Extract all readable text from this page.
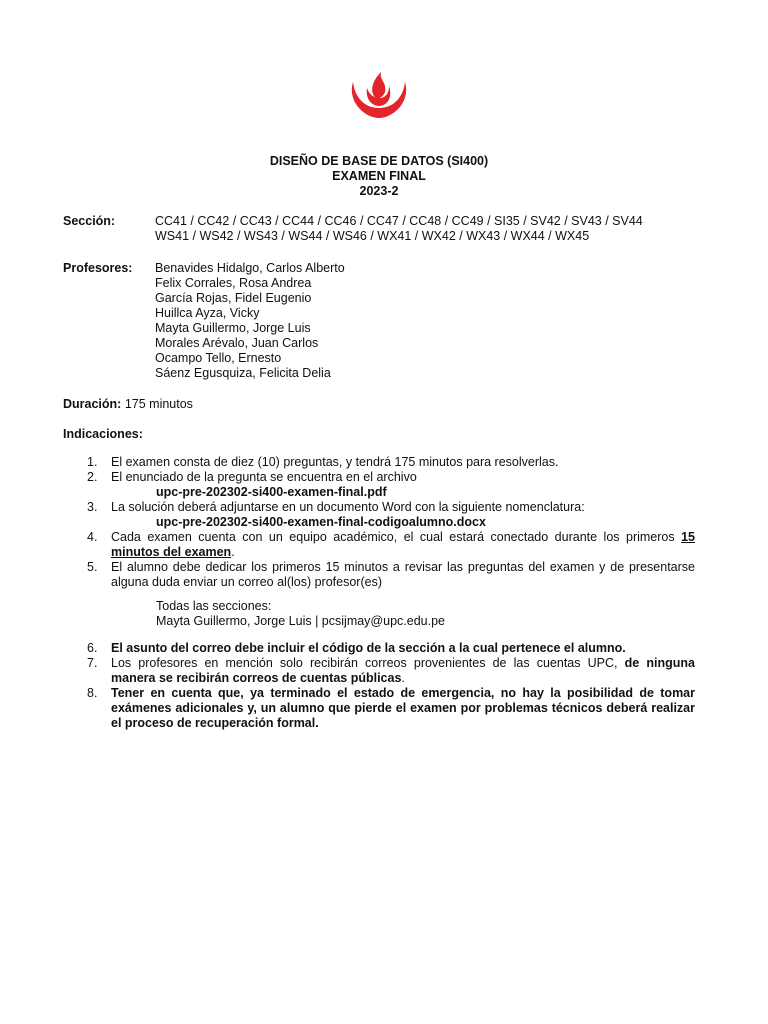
DISEÑO DE BASE DE DATOS (SI400)
EXAMEN FINAL
2023-2
Sección:	CC41 / CC42 / CC43 / CC44 / CC46 / CC47 / CC48 / CC49 / SI35 / SV42 / SV43 / SV44
WS41 / WS42 / WS43 / WS44 / WS46 / WX41 / WX42 / WX43 / WX44 / WX45
Profesores: Benavides Hidalgo, Carlos Alberto
Felix Corrales, Rosa Andrea
García Rojas, Fidel Eugenio
Huillca Ayza, Vicky
Mayta Guillermo, Jorge Luis
Morales Arévalo, Juan Carlos
Ocampo Tello, Ernesto
Sáenz Egusquiza, Felicita Delia
Duración: 175 minutos
Indicaciones:
1. El examen consta de diez (10) preguntas, y tendrá 175 minutos para resolverlas.
2. El enunciado de la pregunta se encuentra en el archivo
upc-pre-202302-si400-examen-final.pdf
3. La solución deberá adjuntarse en un documento Word con la siguiente nomenclatura:
upc-pre-202302-si400-examen-final-codigoalumno.docx
4. Cada examen cuenta con un equipo académico, el cual estará conectado durante los primeros 15 minutos del examen.
5. El alumno debe dedicar los primeros 15 minutos a revisar las preguntas del examen y de presentarse alguna duda enviar un correo al(los) profesor(es)
Todas las secciones:
Mayta Guillermo, Jorge Luis | pcsijmay@upc.edu.pe
6. El asunto del correo debe incluir el código de la sección a la cual pertenece el alumno.
7. Los profesores en mención solo recibirán correos provenientes de las cuentas UPC, de ninguna manera se recibirán correos de cuentas públicas.
8. Tener en cuenta que, ya terminado el estado de emergencia, no hay la posibilidad de tomar exámenes adicionales y, un alumno que pierde el examen por problemas técnicos deberá realizar el proceso de recuperación formal.
